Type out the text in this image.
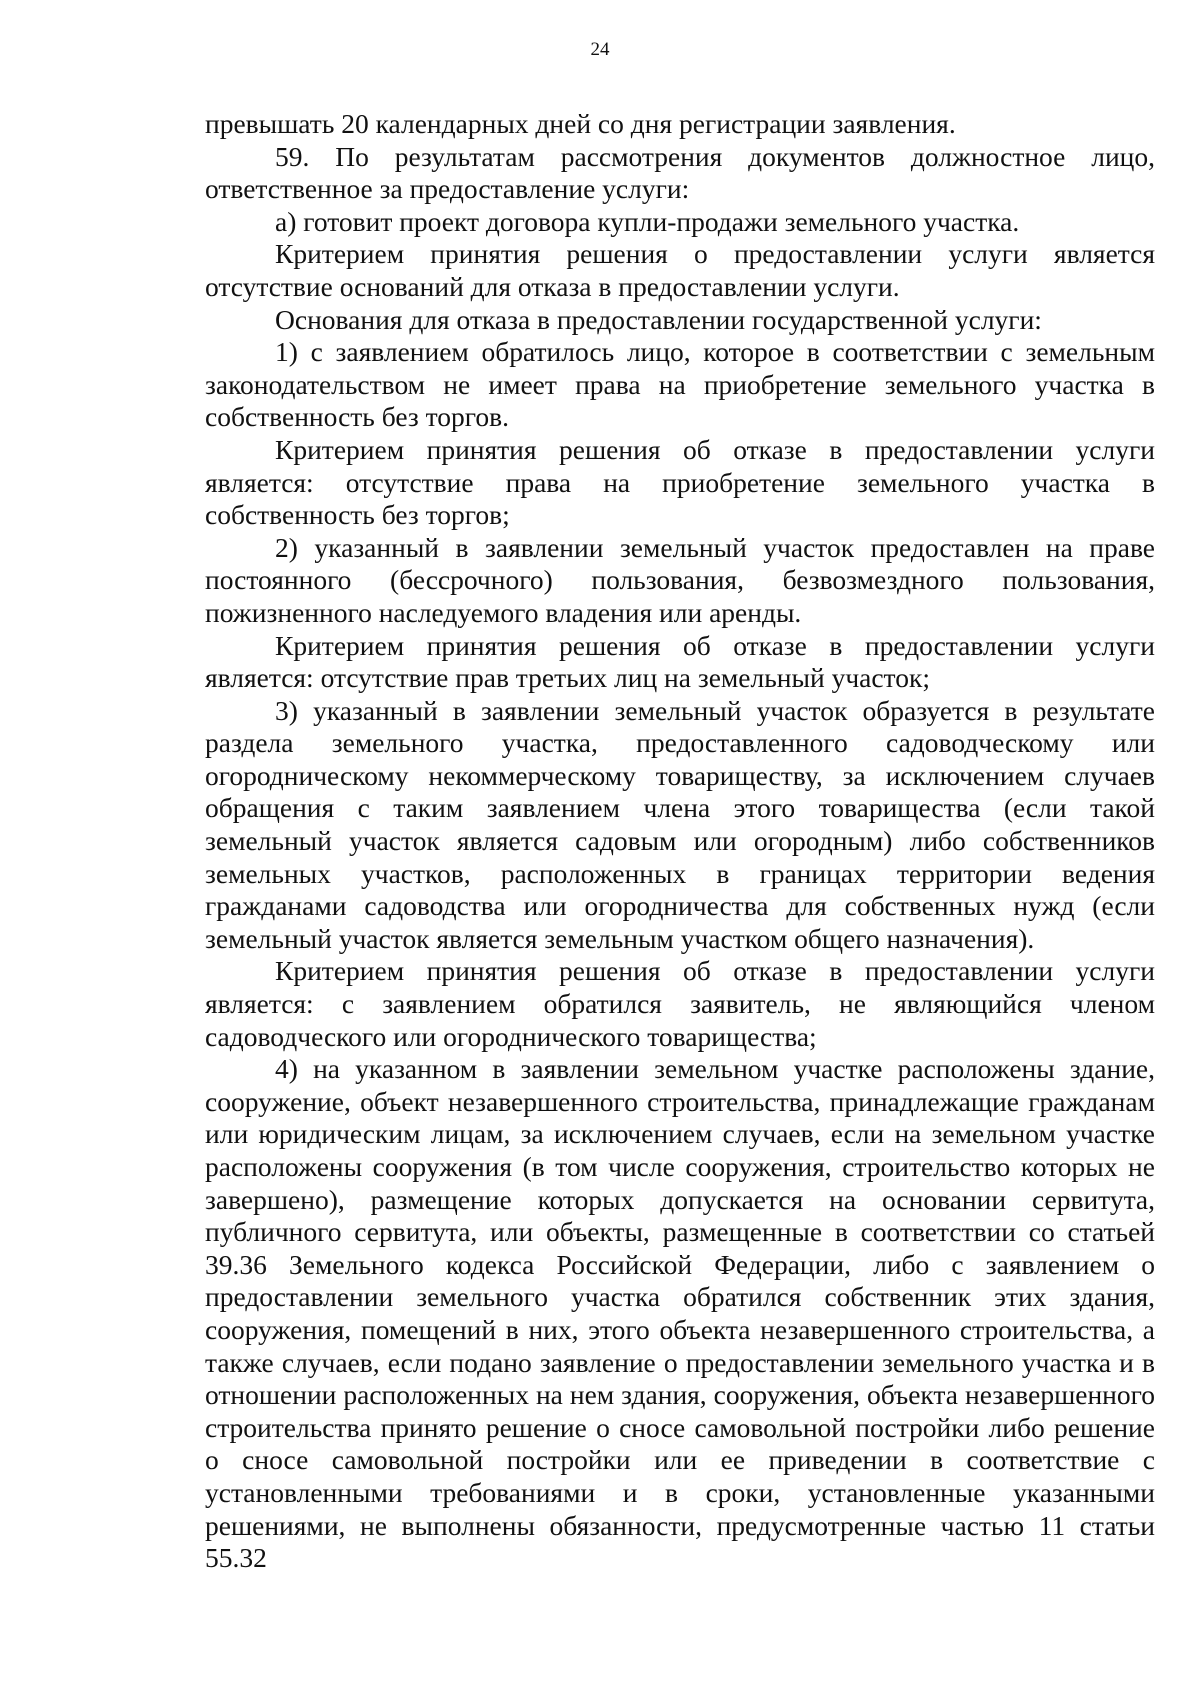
24

превышать 20 календарных дней со дня регистрации заявления.

59. По результатам рассмотрения документов должностное лицо, ответственное за предоставление услуги:

а) готовит проект договора купли-продажи земельного участка.

Критерием принятия решения о предоставлении услуги является отсутствие оснований для отказа в предоставлении услуги.

Основания для отказа в предоставлении государственной услуги:

1) с заявлением обратилось лицо, которое в соответствии с земельным законодательством не имеет права на приобретение земельного участка в собственность без торгов.

Критерием принятия решения об отказе в предоставлении услуги является: отсутствие права на приобретение земельного участка в собственность без торгов;

2) указанный в заявлении земельный участок предоставлен на праве постоянного (бессрочного) пользования, безвозмездного пользования, пожизненного наследуемого владения или аренды.

Критерием принятия решения об отказе в предоставлении услуги является: отсутствие прав третьих лиц на земельный участок;

3) указанный в заявлении земельный участок образуется в результате раздела земельного участка, предоставленного садоводческому или огородническому некоммерческому товариществу, за исключением случаев обращения с таким заявлением члена этого товарищества (если такой земельный участок является садовым или огородным) либо собственников земельных участков, расположенных в границах территории ведения гражданами садоводства или огородничества для собственных нужд (если земельный участок является земельным участком общего назначения).

Критерием принятия решения об отказе в предоставлении услуги является: с заявлением обратился заявитель, не являющийся членом садоводческого или огороднического товарищества;

4) на указанном в заявлении земельном участке расположены здание, сооружение, объект незавершенного строительства, принадлежащие гражданам или юридическим лицам, за исключением случаев, если на земельном участке расположены сооружения (в том числе сооружения, строительство которых не завершено), размещение которых допускается на основании сервитута, публичного сервитута, или объекты, размещенные в соответствии со статьей 39.36 Земельного кодекса Российской Федерации, либо с заявлением о предоставлении земельного участка обратился собственник этих здания, сооружения, помещений в них, этого объекта незавершенного строительства, а также случаев, если подано заявление о предоставлении земельного участка и в отношении расположенных на нем здания, сооружения, объекта незавершенного строительства принято решение о сносе самовольной постройки либо решение о сносе самовольной постройки или ее приведении в соответствие с установленными требованиями и в сроки, установленные указанными решениями, не выполнены обязанности, предусмотренные частью 11 статьи 55.32
